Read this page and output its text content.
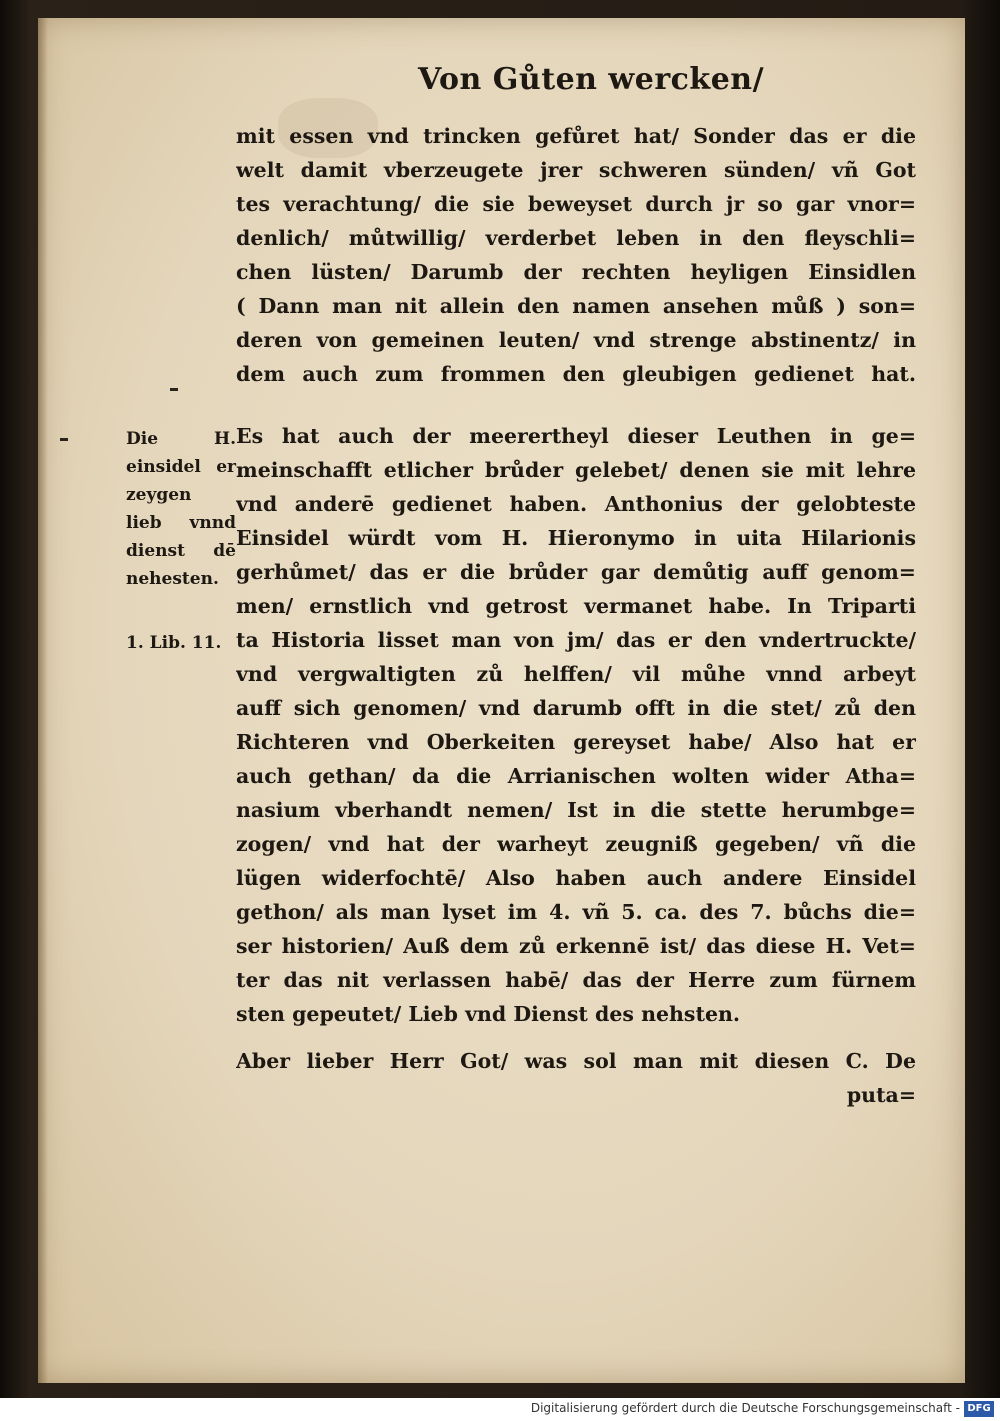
Von Gůten wercken/
mit essen vnd trincken gefůret hat/ Sonder das er die
welt damit vberzeugete jrer schweren sünden/ vñ Got
tes verachtung/ die sie beweyset durch jr so gar vnor=
denlich/ můtwillig/ verderbet leben in den fleyschli=
chen lüsten/ Darumb der rechten heyligen Einsidlen
( Dann man nit allein den namen ansehen můß ) son=
deren von gemeinen leuten/ vnd strenge abstinentz/ in
dem auch zum frommen den gleubigen gedienet hat.
Die H.
einsidel er
zeygen
lieb vnnd
dienst dē
nehesten.
1. Lib. 11.
Es hat auch der meerertheyl dieser Leuthen in ge=
meinschafft etlicher brůder gelebet/ denen sie mit lehre
vnd anderē gedienet haben. Anthonius der gelobteste
Einsidel würdt vom H. Hieronymo in uita Hilarionis
gerhůmet/ das er die brůder gar demůtig auff genom=
men/ ernstlich vnd getrost vermanet habe. In Triparti
ta Historia lisset man von jm/ das er den vndertruckte/
vnd vergwaltigten zů helffen/ vil můhe vnnd arbeyt
auff sich genomen/ vnd darumb offt in die stet/ zů den
Richteren vnd Oberkeiten gereyset habe/ Also hat er
auch gethan/ da die Arrianischen wolten wider Atha=
nasium vberhandt nemen/ Ist in die stette herumbge=
zogen/ vnd hat der warheyt zeugniß gegeben/ vñ die
lügen widerfochtē/ Also haben auch andere Einsidel
gethon/ als man lyset im 4. vñ 5. ca. des 7. bůchs die=
ser historien/ Auß dem zů erkennē ist/ das diese H. Vet=
ter das nit verlassen habē/ das der Herre zum fürnem
sten gepeutet/ Lieb vnd Dienst des nehsten.
Aber lieber Herr Got/ was sol man mit diesen C. De
puta=
Digitalisierung gefördert durch die Deutsche Forschungsgemeinschaft - DFG
